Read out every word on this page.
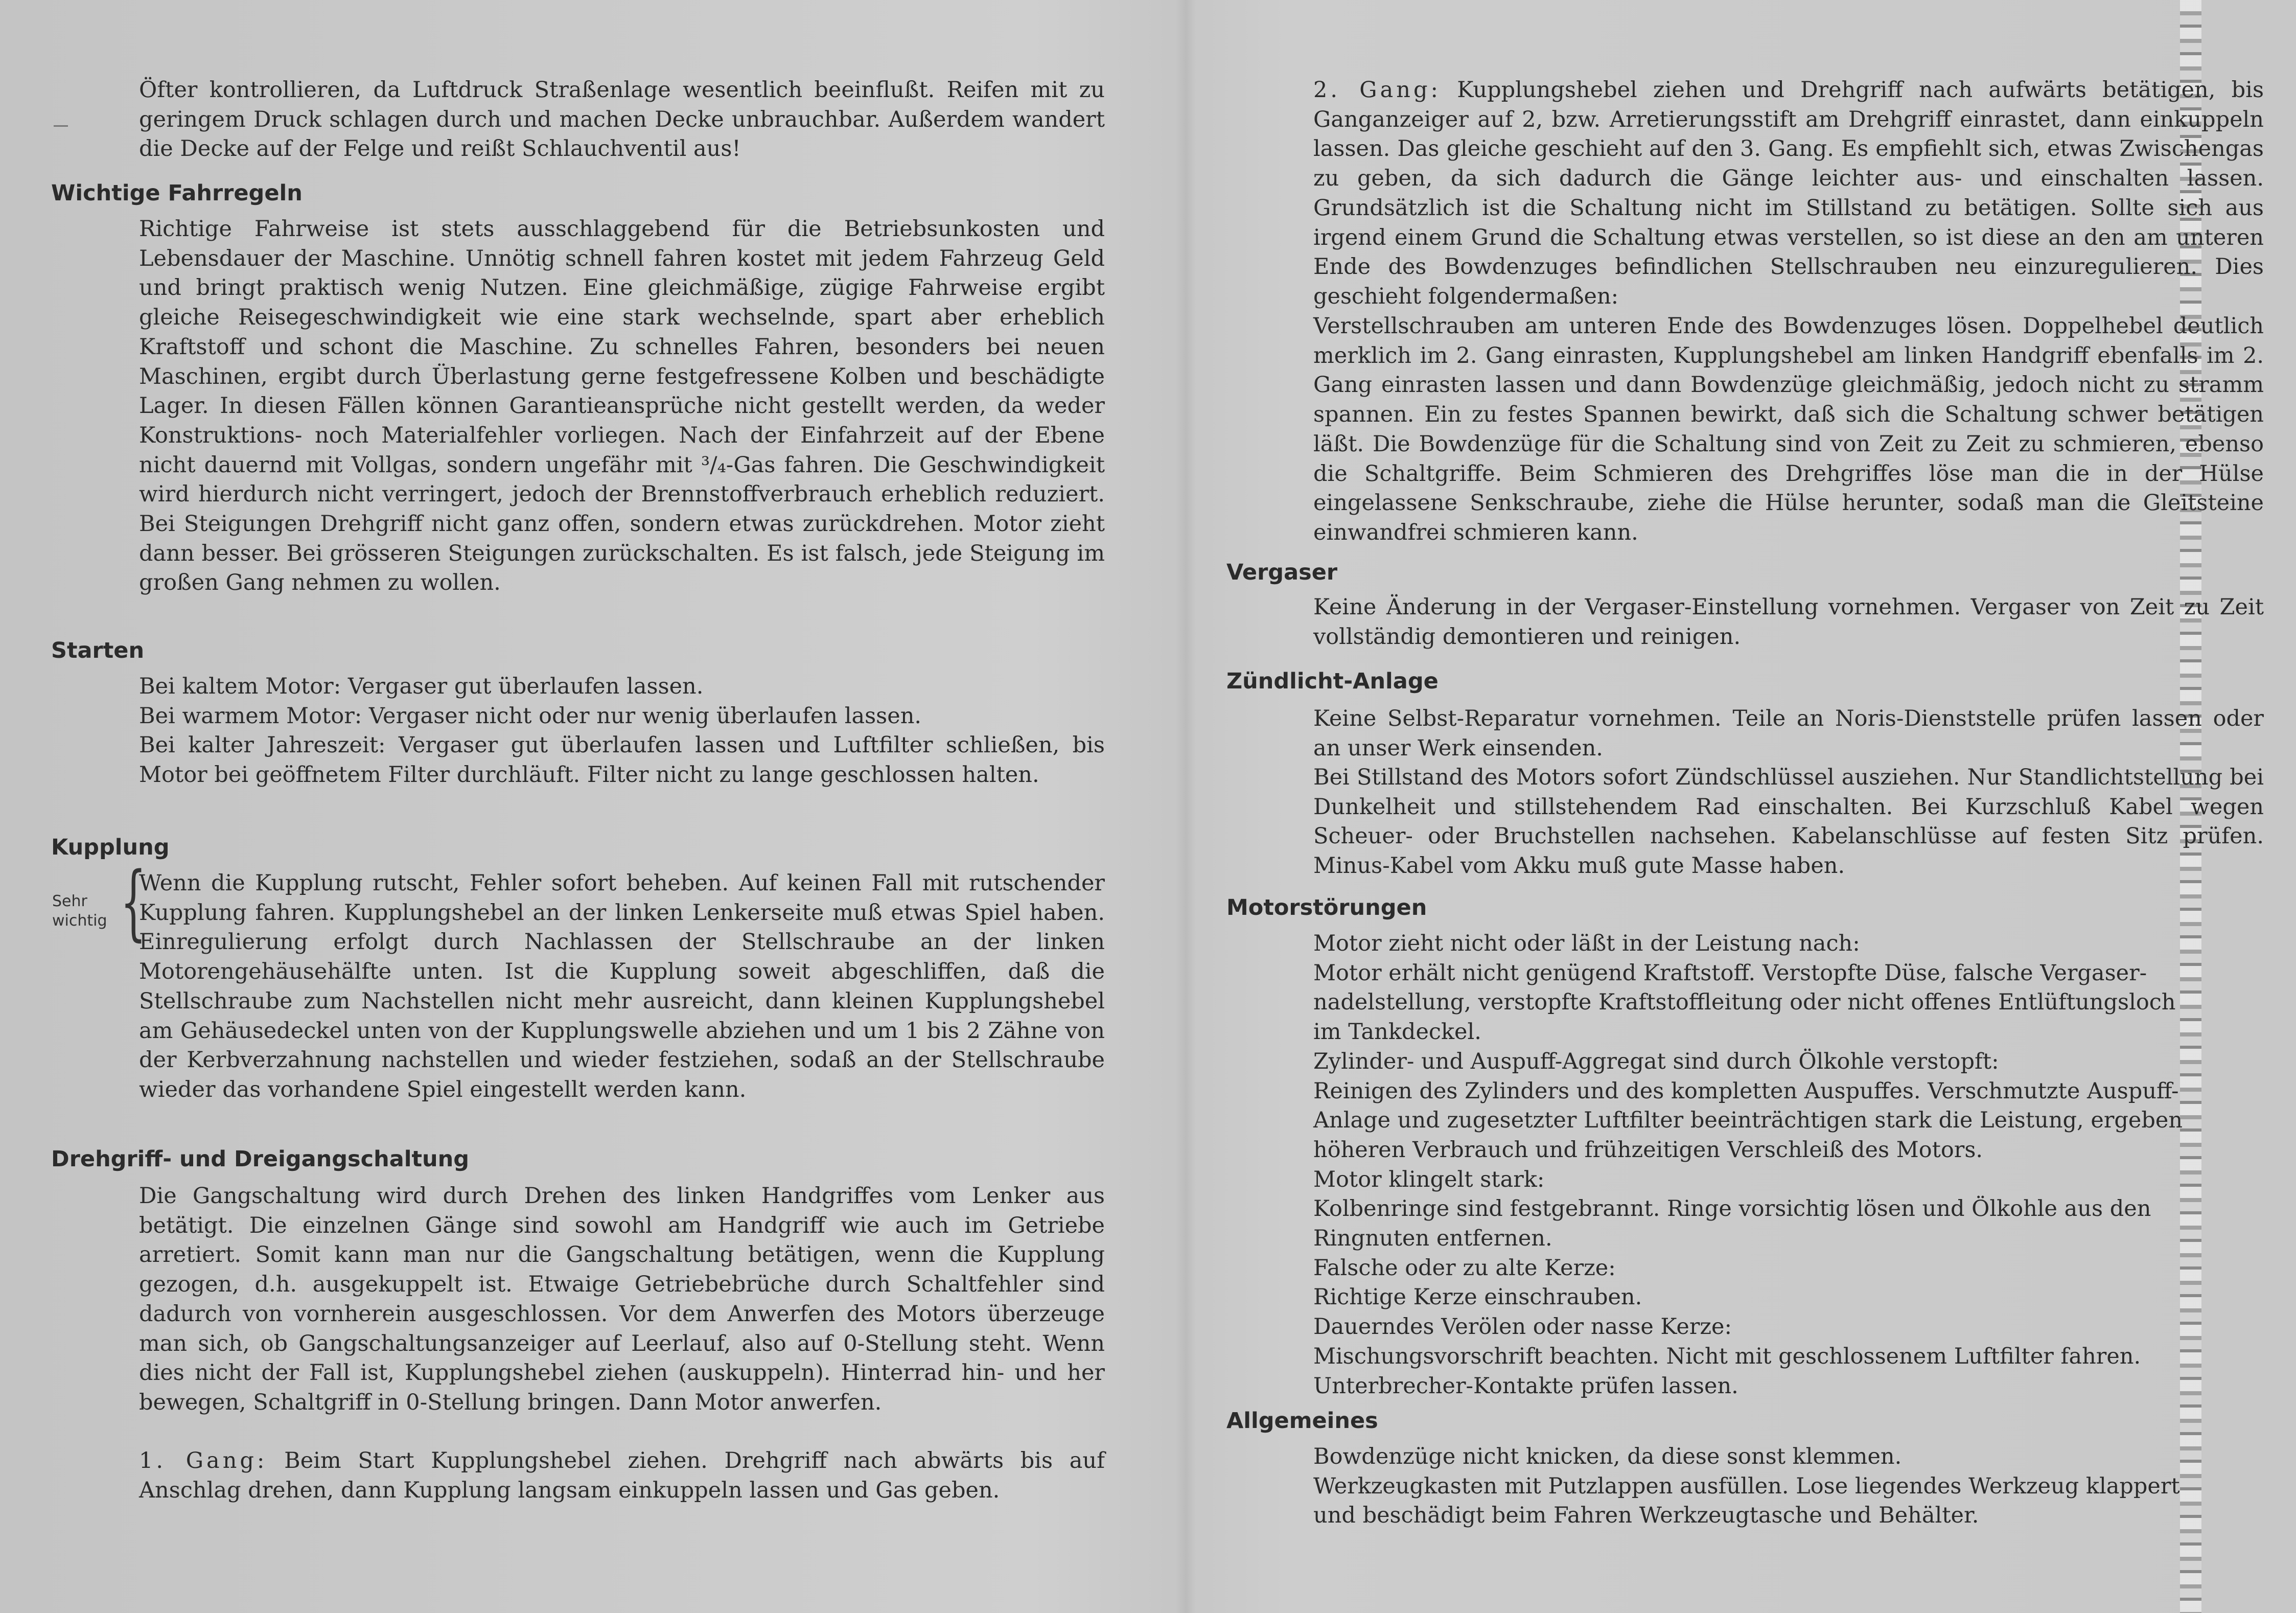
Öfter kontrollieren, da Luftdruck Straßenlage wesentlich beeinflußt. Reifen mit zu geringem Druck schlagen durch und machen Decke unbrauchbar. Außerdem wandert die Decke auf der Felge und reißt Schlauchventil aus!

Wichtige Fahrregeln

Richtige Fahrweise ist stets ausschlaggebend für die Betriebsunkosten und Lebensdauer der Maschine. Unnötig schnell fahren kostet mit jedem Fahrzeug Geld und bringt praktisch wenig Nutzen. Eine gleichmäßige, zügige Fahrweise ergibt gleiche Reisegeschwindigkeit wie eine stark wechselnde, spart aber erheblich Kraftstoff und schont die Maschine. Zu schnelles Fahren, besonders bei neuen Maschinen, ergibt durch Überlastung gerne festgefressene Kolben und beschädigte Lager. In diesen Fällen können Garantieansprüche nicht gestellt werden, da weder Konstruktions- noch Materialfehler vorliegen. Nach der Einfahrzeit auf der Ebene nicht dauernd mit Vollgas, sondern ungefähr mit ³/₄-Gas fahren. Die Geschwindigkeit wird hierdurch nicht verringert, jedoch der Brennstoffverbrauch erheblich reduziert. Bei Steigungen Drehgriff nicht ganz offen, sondern etwas zurückdrehen. Motor zieht dann besser. Bei grösseren Steigungen zurückschalten. Es ist falsch, jede Steigung im großen Gang nehmen zu wollen.

Starten
Bei kaltem Motor: Vergaser gut überlaufen lassen.
Bei warmem Motor: Vergaser nicht oder nur wenig überlaufen lassen.

Bei kalter Jahreszeit: Vergaser gut überlaufen lassen und Luftfilter schließen, bis Motor bei geöffnetem Filter durchläuft. Filter nicht zu lange geschlossen halten.

Kupplung
Sehr wichtig {

Wenn die Kupplung rutscht, Fehler sofort beheben. Auf keinen Fall mit rutschender Kupplung fahren. Kupplungshebel an der linken Lenkerseite muß etwas Spiel haben. Einregulierung erfolgt durch Nachlassen der Stellschraube an der linken Motorengehäusehälfte unten. Ist die Kupplung soweit abgeschliffen, daß die Stellschraube zum Nachstellen nicht mehr ausreicht, dann kleinen Kupplungshebel am Gehäusedeckel unten von der Kupplungswelle abziehen und um 1 bis 2 Zähne von der Kerbverzahnung nachstellen und wieder festziehen, sodaß an der Stellschraube wieder das vorhandene Spiel eingestellt werden kann.

Drehgriff- und Dreigangschaltung

Die Gangschaltung wird durch Drehen des linken Handgriffes vom Lenker aus betätigt. Die einzelnen Gänge sind sowohl am Handgriff wie auch im Getriebe arretiert. Somit kann man nur die Gangschaltung betätigen, wenn die Kupplung gezogen, d.h. ausgekuppelt ist. Etwaige Getriebebrüche durch Schaltfehler sind dadurch von vornherein ausgeschlossen. Vor dem Anwerfen des Motors überzeuge man sich, ob Gangschaltungsanzeiger auf Leerlauf, also auf 0-Stellung steht. Wenn dies nicht der Fall ist, Kupplungshebel ziehen (auskuppeln). Hinterrad hin- und her bewegen, Schaltgriff in 0-Stellung bringen. Dann Motor anwerfen.

1. Gang: Beim Start Kupplungshebel ziehen. Drehgriff nach abwärts bis auf Anschlag drehen, dann Kupplung langsam einkuppeln lassen und Gas geben.

2. Gang: Kupplungshebel ziehen und Drehgriff nach aufwärts betätigen, bis Ganganzeiger auf 2, bzw. Arretierungsstift am Drehgriff einrastet, dann einkuppeln lassen. Das gleiche geschieht auf den 3. Gang. Es empfiehlt sich, etwas Zwischengas zu geben, da sich dadurch die Gänge leichter aus- und einschalten lassen. Grundsätzlich ist die Schaltung nicht im Stillstand zu betätigen. Sollte sich aus irgend einem Grund die Schaltung etwas verstellen, so ist diese an den am unteren Ende des Bowdenzuges befindlichen Stellschrauben neu einzuregulieren. Dies geschieht folgendermaßen:

Verstellschrauben am unteren Ende des Bowdenzuges lösen. Doppelhebel deutlich merklich im 2. Gang einrasten, Kupplungshebel am linken Handgriff ebenfalls im 2. Gang einrasten lassen und dann Bowdenzüge gleichmäßig, jedoch nicht zu stramm spannen. Ein zu festes Spannen bewirkt, daß sich die Schaltung schwer betätigen läßt. Die Bowdenzüge für die Schaltung sind von Zeit zu Zeit zu schmieren, ebenso die Schaltgriffe. Beim Schmieren des Drehgriffes löse man die in der Hülse eingelassene Senkschraube, ziehe die Hülse herunter, sodaß man die Gleitsteine einwandfrei schmieren kann.

Vergaser

Keine Änderung in der Vergaser-Einstellung vornehmen. Vergaser von Zeit zu Zeit vollständig demontieren und reinigen.

Zündlicht-Anlage

Keine Selbst-Reparatur vornehmen. Teile an Noris-Dienststelle prüfen lassen oder an unser Werk einsenden.

Bei Stillstand des Motors sofort Zündschlüssel ausziehen. Nur Standlichtstellung bei Dunkelheit und stillstehendem Rad einschalten. Bei Kurzschluß Kabel wegen Scheuer- oder Bruchstellen nachsehen. Kabelanschlüsse auf festen Sitz prüfen. Minus-Kabel vom Akku muß gute Masse haben.

Motorstörungen
Motor zieht nicht oder läßt in der Leistung nach:
Motor erhält nicht genügend Kraftstoff. Verstopfte Düse, falsche Vergaser-
nadelstellung, verstopfte Kraftstoffleitung oder nicht offenes Entlüftungsloch
im Tankdeckel.
Zylinder- und Auspuff-Aggregat sind durch Ölkohle verstopft:
Reinigen des Zylinders und des kompletten Auspuffes. Verschmutzte Auspuff-
Anlage und zugesetzter Luftfilter beeinträchtigen stark die Leistung, ergeben
höheren Verbrauch und frühzeitigen Verschleiß des Motors.
Motor klingelt stark:
Kolbenringe sind festgebrannt. Ringe vorsichtig lösen und Ölkohle aus den
Ringnuten entfernen.
Falsche oder zu alte Kerze:
Richtige Kerze einschrauben.
Dauerndes Verölen oder nasse Kerze:
Mischungsvorschrift beachten. Nicht mit geschlossenem Luftfilter fahren.
Unterbrecher-Kontakte prüfen lassen.
Allgemeines
Bowdenzüge nicht knicken, da diese sonst klemmen.
Werkzeugkasten mit Putzlappen ausfüllen. Lose liegendes Werkzeug klappert
und beschädigt beim Fahren Werkzeugtasche und Behälter.
